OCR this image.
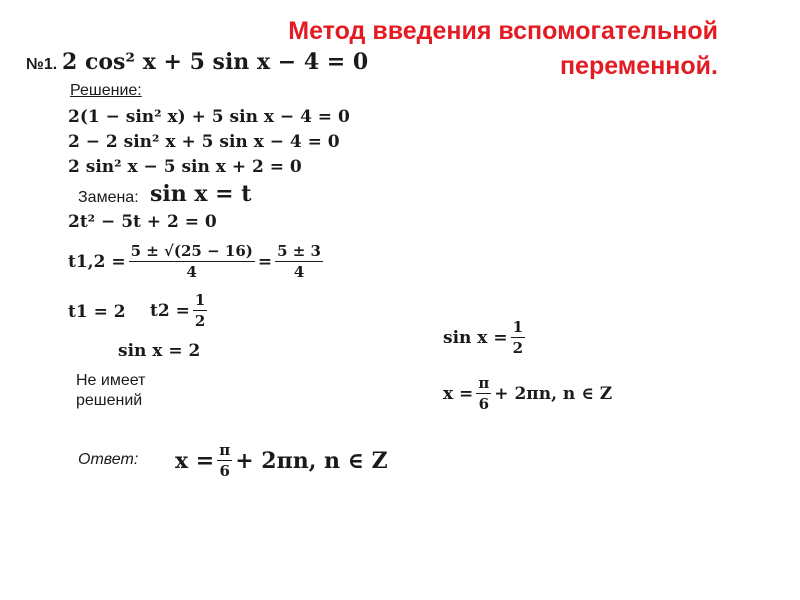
Метод введения вспомогательной
переменной.
№1. 2 cos² x + 5 sin x − 4 = 0
Решение:
2(1 − sin² x) + 5 sin x − 4 = 0
2 − 2 sin² x + 5 sin x − 4 = 0
2 sin² x − 5 sin x + 2 = 0
Замена: sin x = t
2t² − 5t + 2 = 0
$t1,2 = \frac{5 \pm √(25 - 16)}{4} = \frac{5 \pm 3}{4}$
t1 = 2 $t2 = \frac{1}{2}$
sin x = 2
Не имеет решений
$\sin x = \frac{1}{2}$
$x = \frac{\pi}{6} + 2\pi n$, n ∈ Z
Ответ: $x = \frac{\pi}{6} + 2\pi n$, n ∈ Z
